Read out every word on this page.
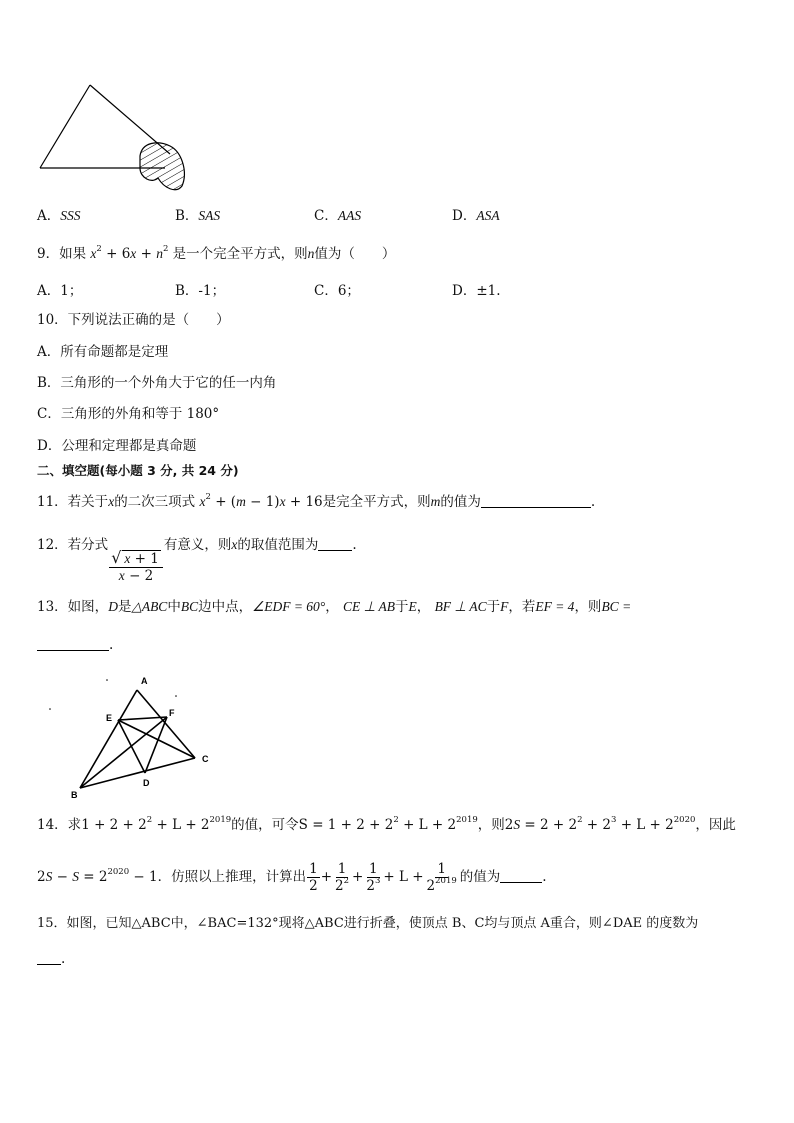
A．SSS	B．SAS	C．AAS	D．ASA
9．如果 $x^2 + 6x + n^2$ 是一个完全平方式，则n值为（　　）
A．1；	B．-1；	C．6；	D．±1.
10．下列说法正确的是（　　）
A．所有命题都是定理
B．三角形的一个外角大于它的任一内角
C．三角形的外角和等于 180°
D．公理和定理都是真命题
二、填空题(每小题 3 分, 共 24 分)
11．若关于x的二次三项式 $x^2 + (m - 1)x + 16$是完全平方式，则m的值为	.
12．若分式
$\frac{√ x + 1}{x - 2}$
有意义，则x的取值范围为	.
13．如图，D是△ABC中BC边中点，∠EDF = 60°， CE ⊥ AB于E， BF ⊥ AC于F，若EF = 4，则BC =
.
A
E	F
B
D
C
14．求$1 + 2 + 2^2 + L + 2^{2019}$的值，可令$S = 1 + 2 + 2^2 + L + 2^{2019}$，则$2S = 2 + 2^2 + 2^3 + L + 2^{2020}$，因此
$2S - S = 2^{2020} - 1$．仿照以上推理，计算出 $\frac{1}{2} + \frac{1}{2^2} + \frac{1}{2^3} + L + \frac{1}{2^{2019}}$ 的值为	.
15．如图，已知△ABC中，∠BAC=132°现将△ABC进行折叠，使顶点 B、C均与顶点 A重合，则∠DAE 的度数为
.
